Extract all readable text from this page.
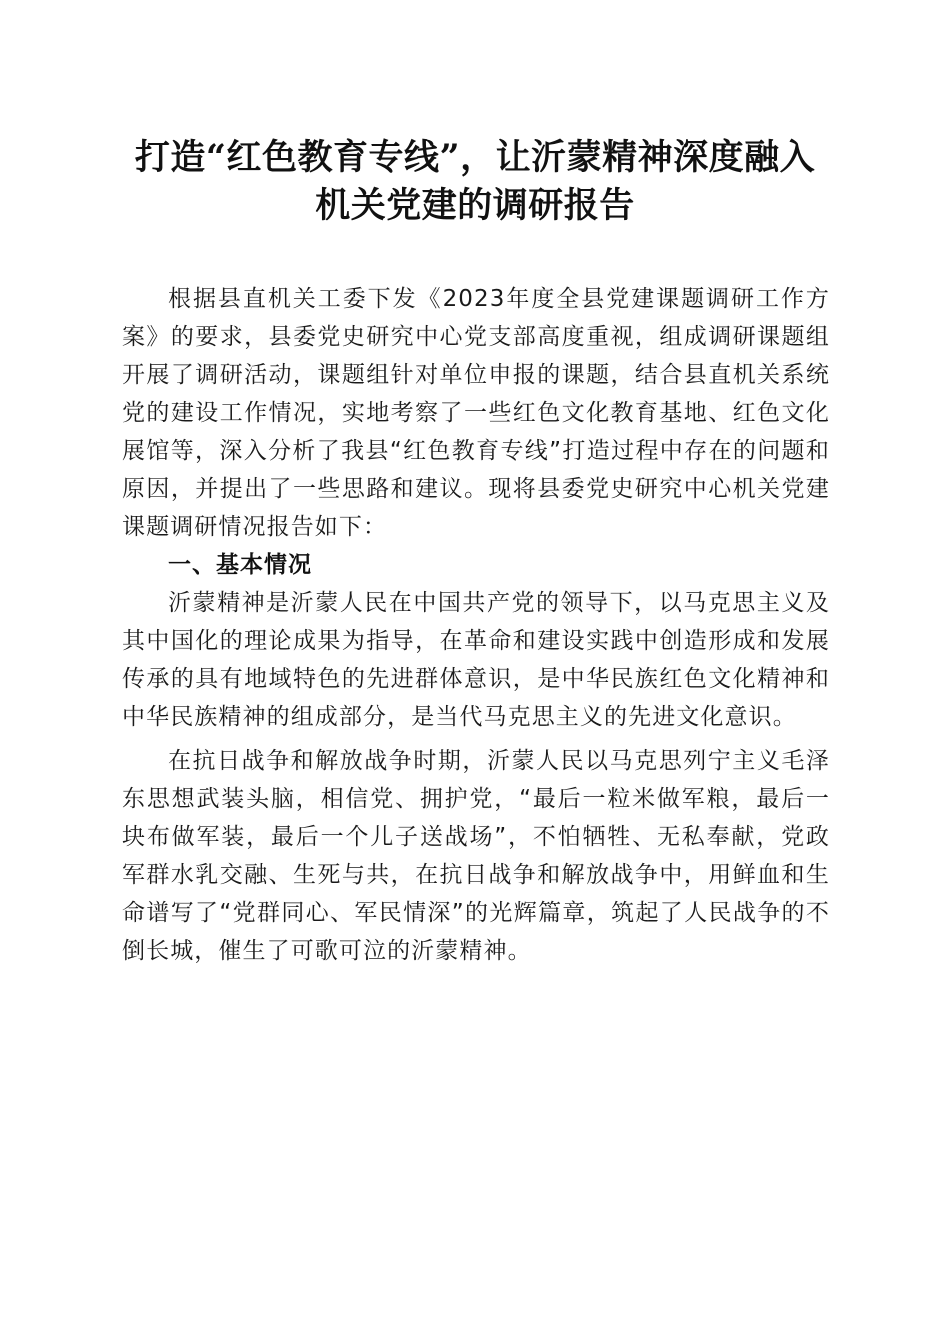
打造“红色教育专线”，让沂蒙精神深度融入
机关党建的调研报告

根据县直机关工委下发《2023年度全县党建课题调研工作方案》的要求，县委党史研究中心党支部高度重视，组成调研课题组开展了调研活动，课题组针对单位申报的课题，结合县直机关系统党的建设工作情况，实地考察了一些红色文化教育基地、红色文化展馆等，深入分析了我县“红色教育专线”打造过程中存在的问题和原因，并提出了一些思路和建议。现将县委党史研究中心机关党建课题调研情况报告如下：

一、基本情况

沂蒙精神是沂蒙人民在中国共产党的领导下，以马克思主义及其中国化的理论成果为指导，在革命和建设实践中创造形成和发展传承的具有地域特色的先进群体意识，是中华民族红色文化精神和中华民族精神的组成部分，是当代马克思主义的先进文化意识。

在抗日战争和解放战争时期，沂蒙人民以马克思列宁主义毛泽东思想武装头脑，相信党、拥护党，“最后一粒米做军粮，最后一块布做军装，最后一个儿子送战场”，不怕牺牲、无私奉献，党政军群水乳交融、生死与共，在抗日战争和解放战争中，用鲜血和生命谱写了“党群同心、军民情深”的光辉篇章，筑起了人民战争的不倒长城，催生了可歌可泣的沂蒙精神。
